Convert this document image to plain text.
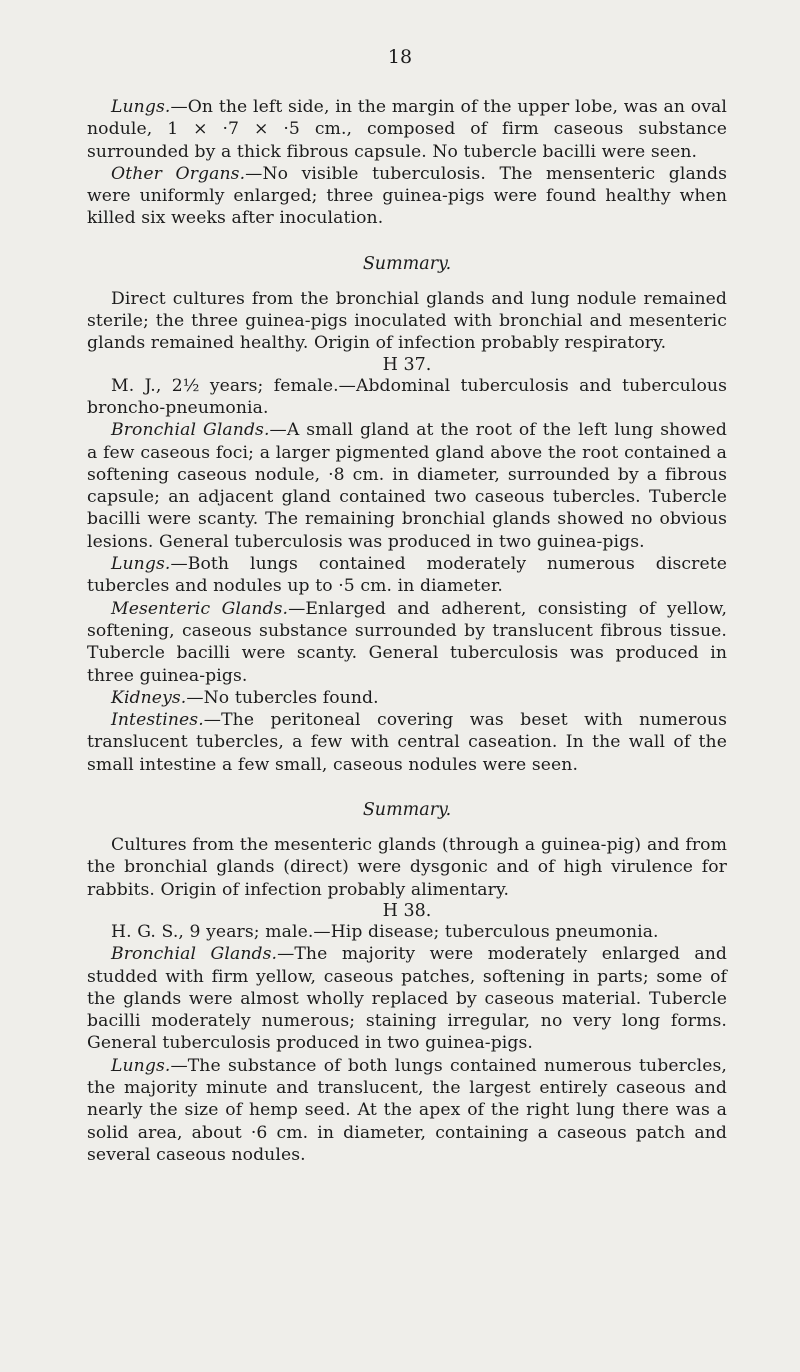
18

Lungs.—On the left side, in the margin of the upper lobe, was an oval nodule, 1 × ·7 × ·5 cm., composed of firm caseous substance surrounded by a thick fibrous capsule. No tubercle bacilli were seen.

Other Organs.—No visible tuberculosis. The mensenteric glands were uniformly enlarged; three guinea-pigs were found healthy when killed six weeks after inoculation.

Summary.

Direct cultures from the bronchial glands and lung nodule remained sterile; the three guinea-pigs inoculated with bronchial and mesenteric glands remained healthy. Origin of infection probably respiratory.

H 37.

M. J., 2½ years; female.—Abdominal tuberculosis and tuberculous broncho-pneumonia.

Bronchial Glands.—A small gland at the root of the left lung showed a few caseous foci; a larger pigmented gland above the root contained a softening caseous nodule, ·8 cm. in diameter, surrounded by a fibrous capsule; an adjacent gland contained two caseous tubercles. Tubercle bacilli were scanty. The remaining bronchial glands showed no obvious lesions. General tuberculosis was produced in two guinea-pigs.

Lungs.—Both lungs contained moderately numerous discrete tubercles and nodules up to ·5 cm. in diameter.

Mesenteric Glands.—Enlarged and adherent, consisting of yellow, softening, caseous substance surrounded by translucent fibrous tissue. Tubercle bacilli were scanty. General tuberculosis was produced in three guinea-pigs.

Kidneys.—No tubercles found.

Intestines.—The peritoneal covering was beset with numerous translucent tubercles, a few with central caseation. In the wall of the small intestine a few small, caseous nodules were seen.

Summary.

Cultures from the mesenteric glands (through a guinea-pig) and from the bronchial glands (direct) were dysgonic and of high virulence for rabbits. Origin of infection probably alimentary.

H 38.

H. G. S., 9 years; male.—Hip disease; tuberculous pneumonia.

Bronchial Glands.—The majority were moderately enlarged and studded with firm yellow, caseous patches, softening in parts; some of the glands were almost wholly replaced by caseous material. Tubercle bacilli moderately numerous; staining irregular, no very long forms. General tuberculosis produced in two guinea-pigs.

Lungs.—The substance of both lungs contained numerous tubercles, the majority minute and translucent, the largest entirely caseous and nearly the size of hemp seed. At the apex of the right lung there was a solid area, about ·6 cm. in diameter, containing a caseous patch and several caseous nodules.
